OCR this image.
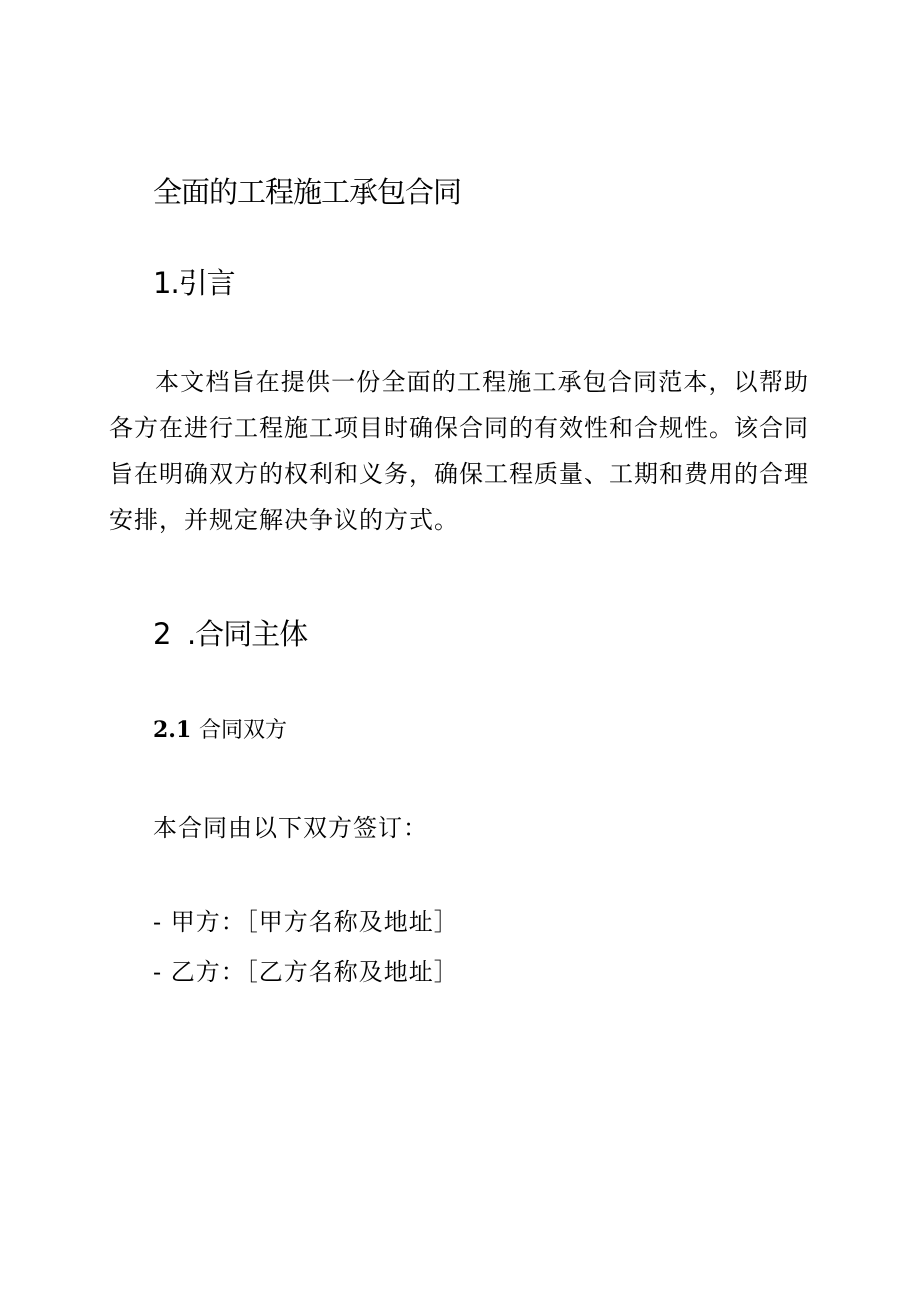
全面的工程施工承包合同
1.引言

本文档旨在提供一份全面的工程施工承包合同范本，以帮助各方在进行工程施工项目时确保合同的有效性和合规性。该合同旨在明确双方的权利和义务，确保工程质量、工期和费用的合理安排，并规定解决争议的方式。

2 .合同主体
2.1 合同双方
本合同由以下双方签订：
- 甲方：［甲方名称及地址］
- 乙方：［乙方名称及地址］
